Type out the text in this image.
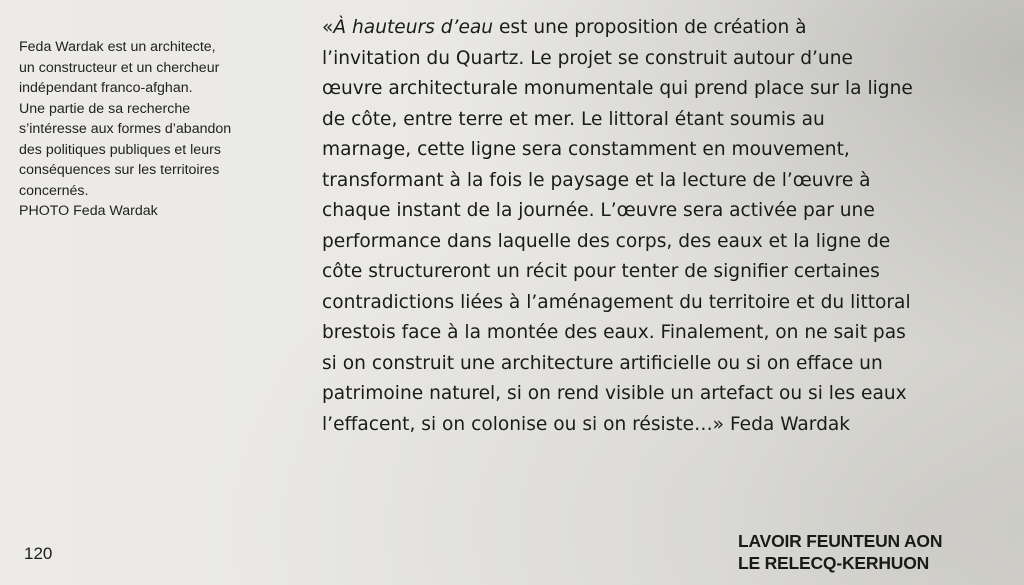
Feda Wardak est un architecte,
un constructeur et un chercheur
indépendant franco-afghan.
Une partie de sa recherche
s’intéresse aux formes d’abandon
des politiques publiques et leurs
conséquences sur les territoires
concernés.
PHOTO Feda Wardak
«À hauteurs d’eau est une proposition de création à
l’invitation du Quartz. Le projet se construit autour d’une
œuvre architecturale monumentale qui prend place sur la ligne
de côte, entre terre et mer. Le littoral étant soumis au
marnage, cette ligne sera constamment en mouvement,
transformant à la fois le paysage et la lecture de l’œuvre à
chaque instant de la journée. L’œuvre sera activée par une
performance dans laquelle des corps, des eaux et la ligne de
côte structureront un récit pour tenter de signifier certaines
contradictions liées à l’aménagement du territoire et du littoral
brestois face à la montée des eaux. Finalement, on ne sait pas
si on construit une architecture artificielle ou si on efface un
patrimoine naturel, si on rend visible un artefact ou si les eaux
l’effacent, si on colonise ou si on résiste…» Feda Wardak
120
LAVOIR FEUNTEUN AON
LE RELECQ-KERHUON
